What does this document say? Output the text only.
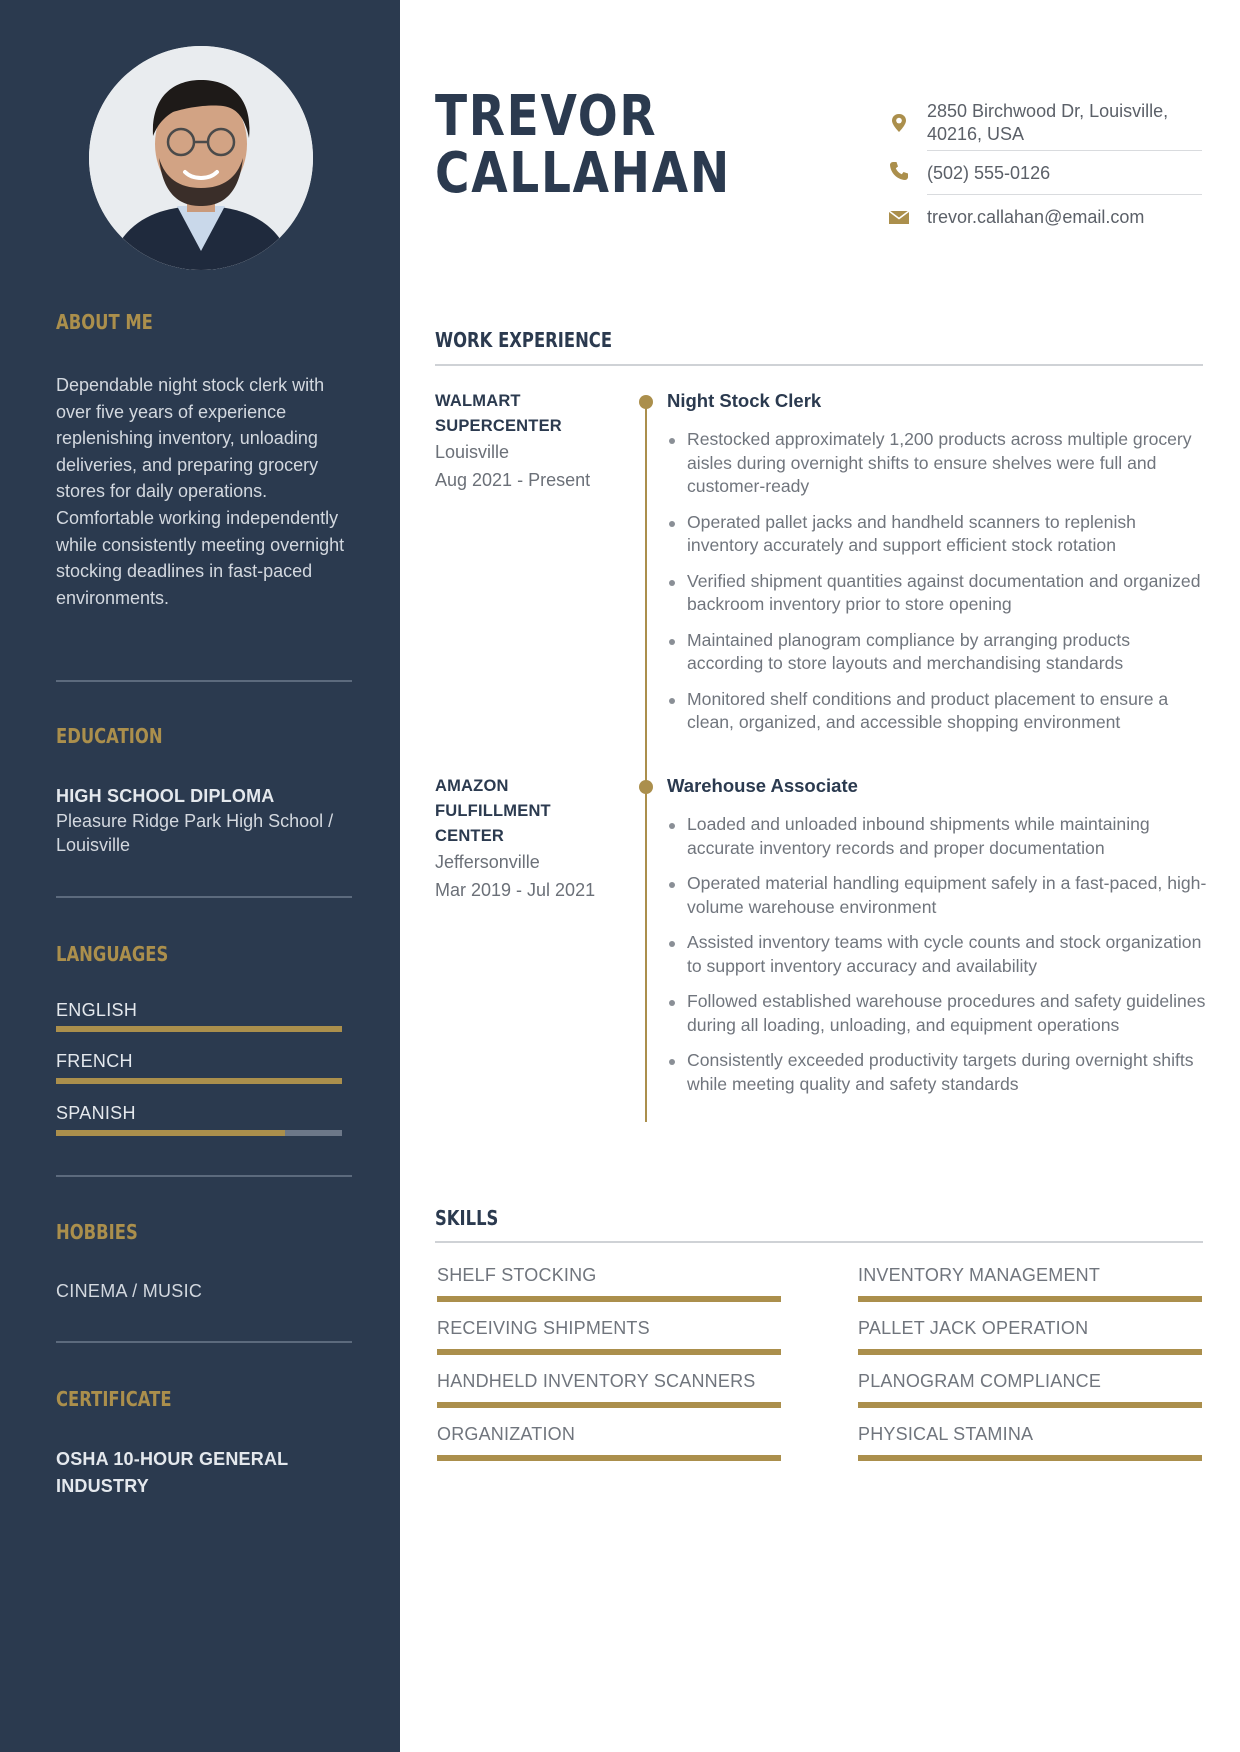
ABOUT ME

Dependable night stock clerk with over five years of experience replenishing inventory, unloading deliveries, and preparing grocery stores for daily operations. Comfortable working independently while consistently meeting overnight stocking deadlines in fast-paced environments.

EDUCATION
HIGH SCHOOL DIPLOMA
Pleasure Ridge Park High School / Louisville
LANGUAGES
ENGLISH
FRENCH
SPANISH
HOBBIES
CINEMA / MUSIC
CERTIFICATE
OSHA 10-HOUR GENERAL INDUSTRY
TREVOR
CALLAHAN
2850 Birchwood Dr, Louisville, 40216, USA
(502) 555-0126
trevor.callahan@email.com
WORK EXPERIENCE
WALMART SUPERCENTER
Louisville
Aug 2021 - Present
Night Stock Clerk
Restocked approximately 1,200 products across multiple grocery aisles during overnight shifts to ensure shelves were full and customer-ready
Operated pallet jacks and handheld scanners to replenish inventory accurately and support efficient stock rotation
Verified shipment quantities against documentation and organized backroom inventory prior to store opening
Maintained planogram compliance by arranging products according to store layouts and merchandising standards
Monitored shelf conditions and product placement to ensure a clean, organized, and accessible shopping environment
AMAZON FULFILLMENT CENTER
Jeffersonville
Mar 2019 - Jul 2021
Warehouse Associate
Loaded and unloaded inbound shipments while maintaining accurate inventory records and proper documentation
Operated material handling equipment safely in a fast-paced, high-volume warehouse environment
Assisted inventory teams with cycle counts and stock organization to support inventory accuracy and availability
Followed established warehouse procedures and safety guidelines during all loading, unloading, and equipment operations
Consistently exceeded productivity targets during overnight shifts while meeting quality and safety standards
SKILLS
SHELF STOCKING	INVENTORY MANAGEMENT
RECEIVING SHIPMENTS	PALLET JACK OPERATION
HANDHELD INVENTORY SCANNERS	PLANOGRAM COMPLIANCE
ORGANIZATION	PHYSICAL STAMINA
